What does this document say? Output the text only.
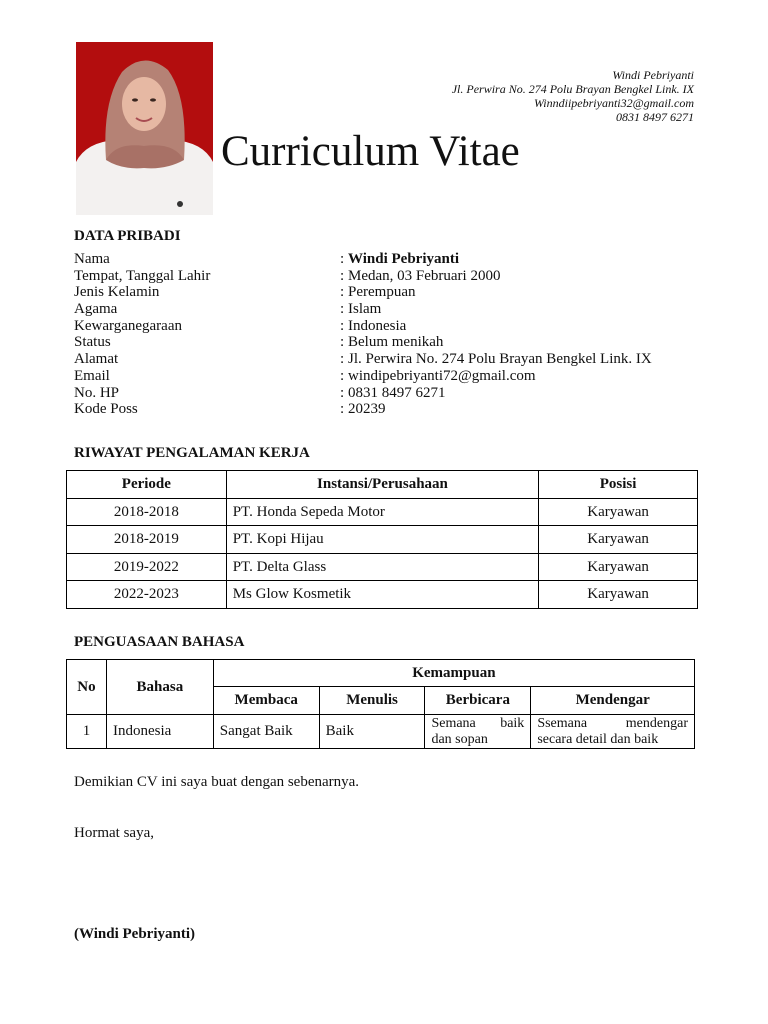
Windi Pebriyanti
Jl. Perwira No. 274 Polu Brayan Bengkel Link. IX
Winndiipebriyanti32@gmail.com
0831 8497 6271
Curriculum Vitae
DATA PRIBADI
Nama	: Windi Pebriyanti
Tempat, Tanggal Lahir	: Medan, 03 Februari 2000
Jenis Kelamin	: Perempuan
Agama	: Islam
Kewarganegaraan	: Indonesia
Status	: Belum menikah
Alamat	: Jl. Perwira No. 274 Polu Brayan Bengkel Link. IX
Email	: windipebriyanti72@gmail.com
No. HP	: 0831 8497 6271
Kode Poss	: 20239
RIWAYAT PENGALAMAN KERJA
Periode	Instansi/Perusahaan	Posisi
2018-2018	PT. Honda Sepeda Motor	Karyawan
2018-2019	PT. Kopi Hijau	Karyawan
2019-2022	PT. Delta Glass	Karyawan
2022-2023	Ms Glow Kosmetik	Karyawan
PENGUASAAN BAHASA
No	Bahasa	Kemampuan			
		Membaca	Menulis	Berbicara	Mendengar
1	Indonesia	Sangat Baik	Baik	Semana baik dan sopan	Ssemana mendengar secara detail dan baik

Demikian CV ini saya buat dengan sebenarnya.

Hormat saya,

(Windi Pebriyanti)
